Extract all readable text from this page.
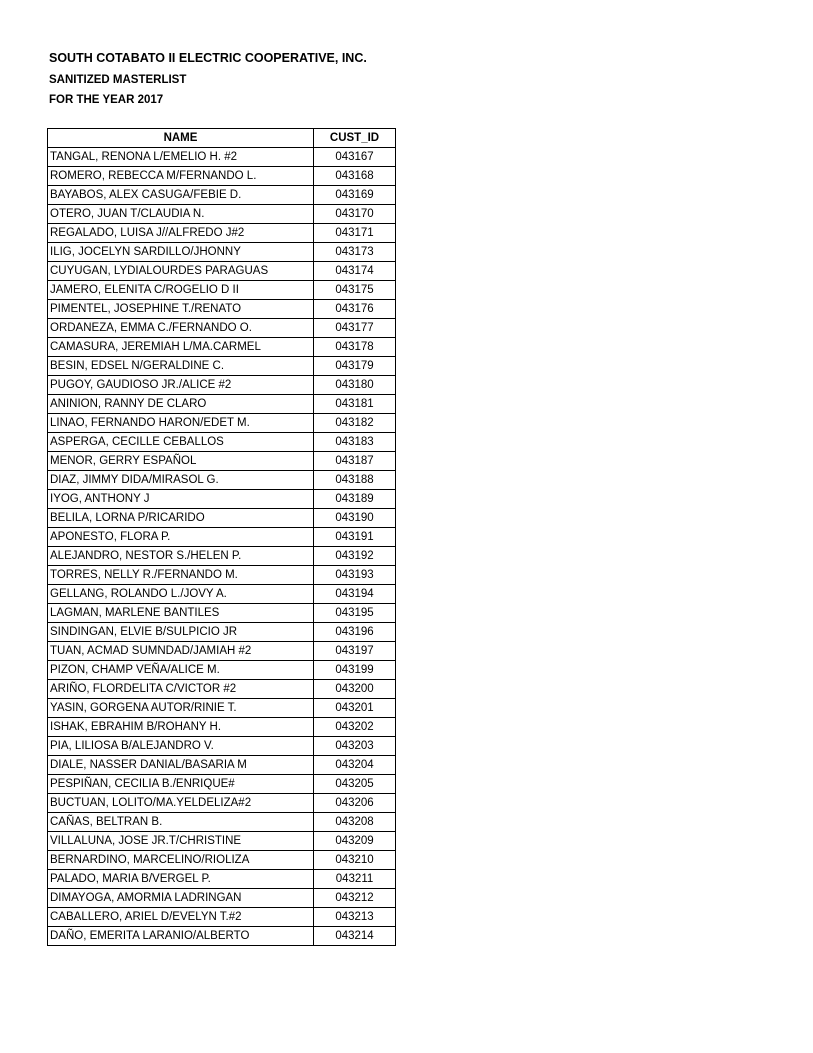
SOUTH COTABATO II ELECTRIC COOPERATIVE, INC.
SANITIZED MASTERLIST
FOR THE YEAR 2017
NAME	CUST_ID
TANGAL, RENONA L/EMELIO H. #2	043167
ROMERO, REBECCA M/FERNANDO L.	043168
BAYABOS, ALEX CASUGA/FEBIE D.	043169
OTERO, JUAN T/CLAUDIA N.	043170
REGALADO, LUISA J//ALFREDO J#2	043171
ILIG, JOCELYN SARDILLO/JHONNY	043173
CUYUGAN, LYDIALOURDES PARAGUAS	043174
JAMERO, ELENITA C/ROGELIO D II	043175
PIMENTEL, JOSEPHINE T./RENATO	043176
ORDANEZA, EMMA C./FERNANDO O.	043177
CAMASURA, JEREMIAH L/MA.CARMEL	043178
BESIN, EDSEL N/GERALDINE C.	043179
PUGOY, GAUDIOSO JR./ALICE #2	043180
ANINION, RANNY DE CLARO	043181
LINAO, FERNANDO HARON/EDET M.	043182
ASPERGA, CECILLE CEBALLOS	043183
MENOR, GERRY ESPAÑOL	043187
DIAZ, JIMMY DIDA/MIRASOL G.	043188
IYOG, ANTHONY J	043189
BELILA, LORNA P/RICARIDO	043190
APONESTO, FLORA P.	043191
ALEJANDRO, NESTOR S./HELEN P.	043192
TORRES, NELLY R./FERNANDO M.	043193
GELLANG, ROLANDO L./JOVY A.	043194
LAGMAN, MARLENE BANTILES	043195
SINDINGAN, ELVIE B/SULPICIO JR	043196
TUAN, ACMAD SUMNDAD/JAMIAH #2	043197
PIZON, CHAMP VEÑA/ALICE M.	043199
ARIÑO, FLORDELITA C/VICTOR #2	043200
YASIN, GORGENA AUTOR/RINIE T.	043201
ISHAK, EBRAHIM B/ROHANY H.	043202
PIA, LILIOSA B/ALEJANDRO V.	043203
DIALE, NASSER DANIAL/BASARIA M	043204
PESPIÑAN, CECILIA B./ENRIQUE#	043205
BUCTUAN, LOLITO/MA.YELDELIZA#2	043206
CAÑAS, BELTRAN B.	043208
VILLALUNA, JOSE JR.T/CHRISTINE	043209
BERNARDINO, MARCELINO/RIOLIZA	043210
PALADO, MARIA B/VERGEL P.	043211
DIMAYOGA, AMORMIA LADRINGAN	043212
CABALLERO, ARIEL D/EVELYN T.#2	043213
DAÑO, EMERITA LARANIO/ALBERTO	043214
